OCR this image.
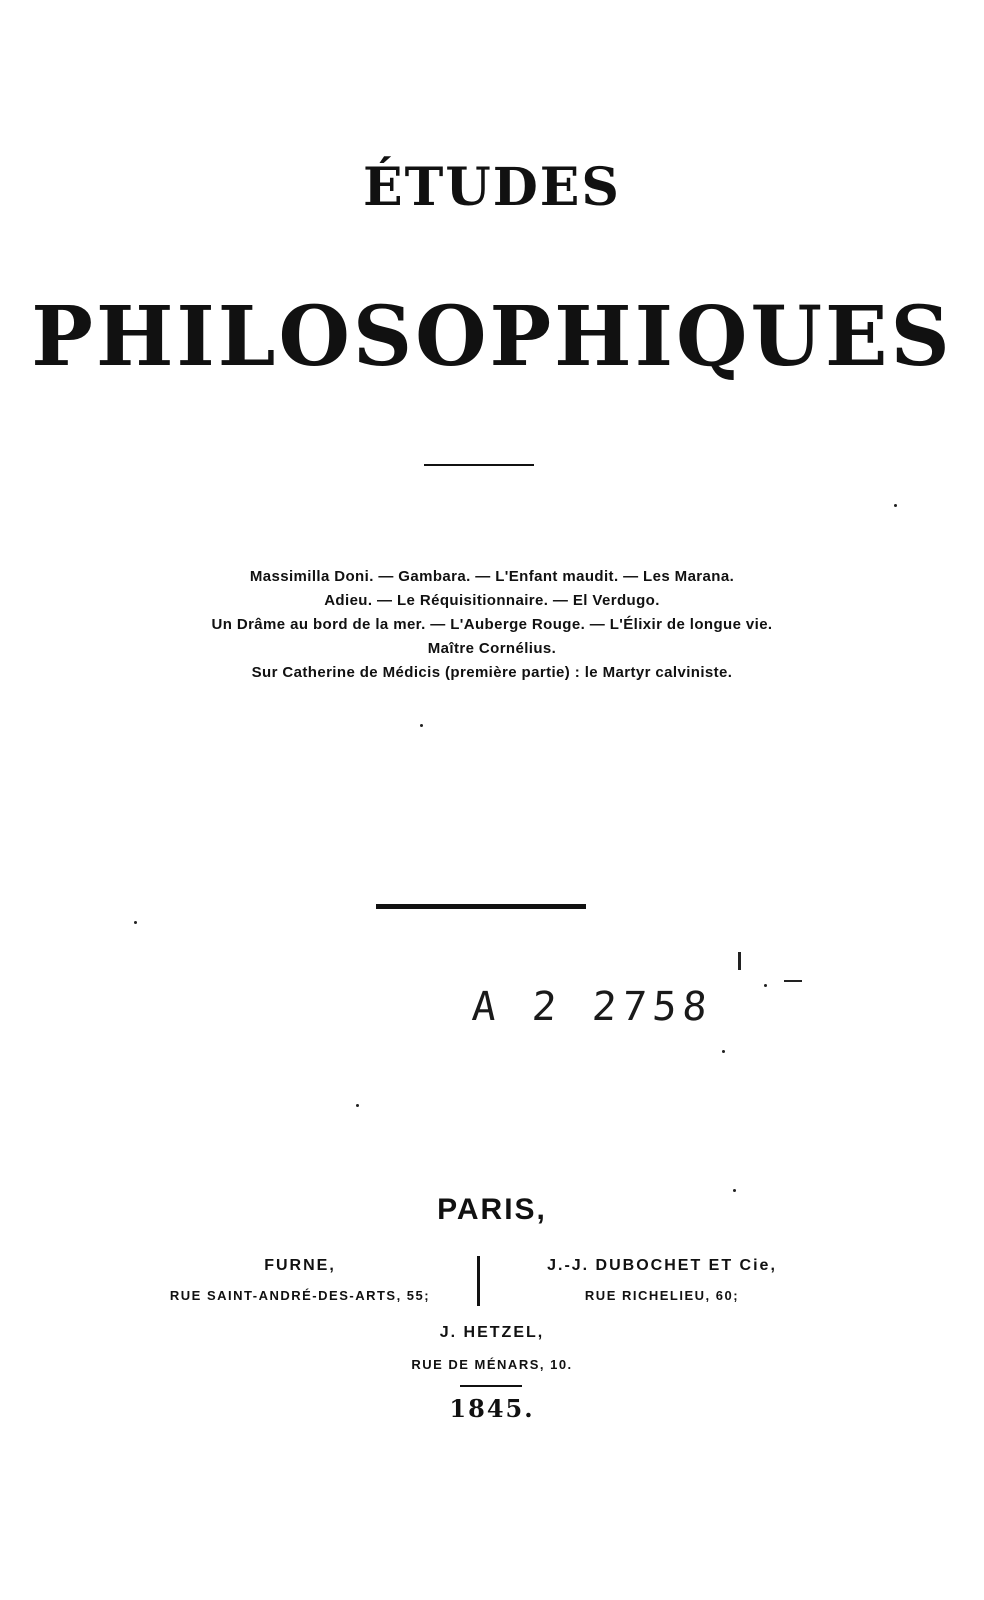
ÉTUDES
PHILOSOPHIQUES
Massimilla Doni. — Gambara. — L'Enfant maudit. — Les Marana.
Adieu. — Le Réquisitionnaire. — El Verdugo.
Un Drâme au bord de la mer. — L'Auberge Rouge. — L'Élixir de longue vie.
Maître Cornélius.
Sur Catherine de Médicis (première partie) : le Martyr calviniste.
A 2 2758
PARIS,
FURNE,
RUE SAINT-ANDRÉ-DES-ARTS, 55;
J.-J. DUBOCHET ET Cie,
RUE RICHELIEU, 60;
J. HETZEL,
RUE DE MÉNARS, 10.
1845.
